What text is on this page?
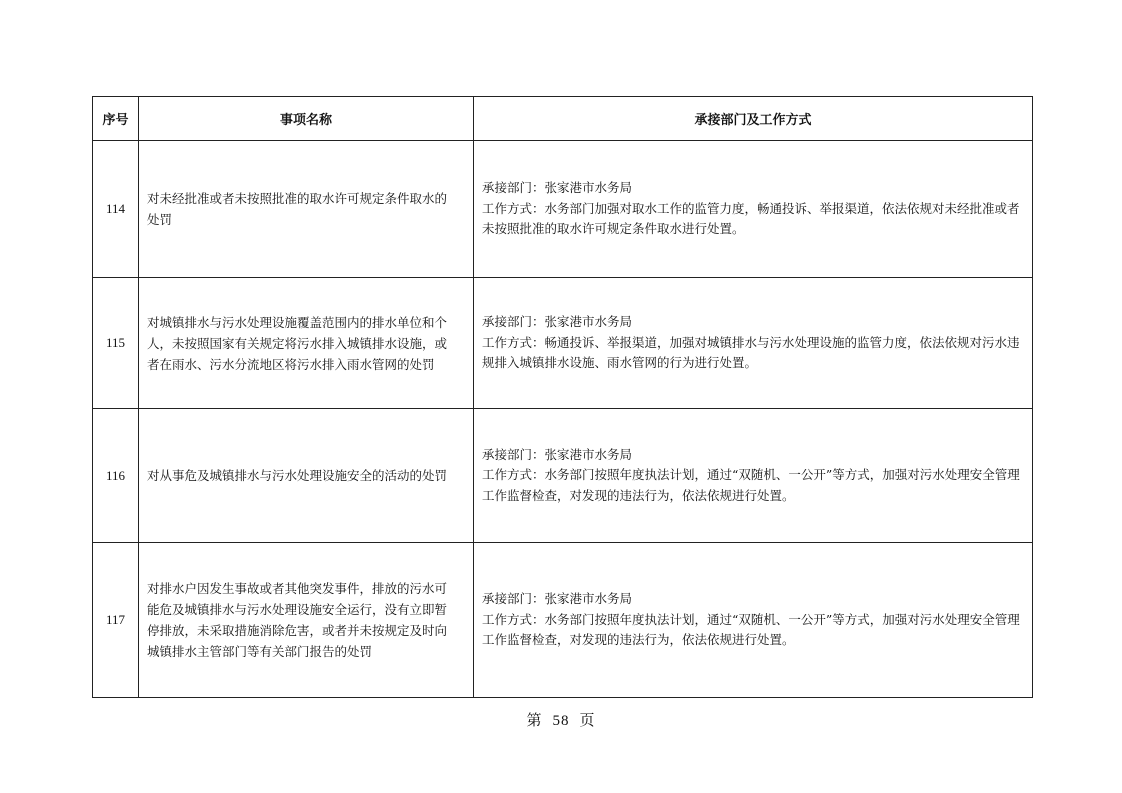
序号	事项名称	承接部门及工作方式
114	对未经批准或者未按照批准的取水许可规定条件取水的处罚	承接部门：张家港市水务局
工作方式：水务部门加强对取水工作的监管力度，畅通投诉、举报渠道，依法依规对未经批准或者未按照批准的取水许可规定条件取水进行处置。

115	对城镇排水与污水处理设施覆盖范围内的排水单位和个人，未按照国家有关规定将污水排入城镇排水设施，或者在雨水、污水分流地区将污水排入雨水管网的处罚	承接部门：张家港市水务局
工作方式：畅通投诉、举报渠道，加强对城镇排水与污水处理设施的监管力度，依法依规对污水违规排入城镇排水设施、雨水管网的行为进行处置。

116	对从事危及城镇排水与污水处理设施安全的活动的处罚	承接部门：张家港市水务局
工作方式：水务部门按照年度执法计划，通过“双随机、一公开”等方式，加强对污水处理安全管理工作监督检查，对发现的违法行为，依法依规进行处置。

117	对排水户因发生事故或者其他突发事件，排放的污水可能危及城镇排水与污水处理设施安全运行，没有立即暂停排放，未采取措施消除危害，或者并未按规定及时向城镇排水主管部门等有关部门报告的处罚	承接部门：张家港市水务局
工作方式：水务部门按照年度执法计划，通过“双随机、一公开”等方式，加强对污水处理安全管理工作监督检查，对发现的违法行为，依法依规进行处置。
第 58 页
